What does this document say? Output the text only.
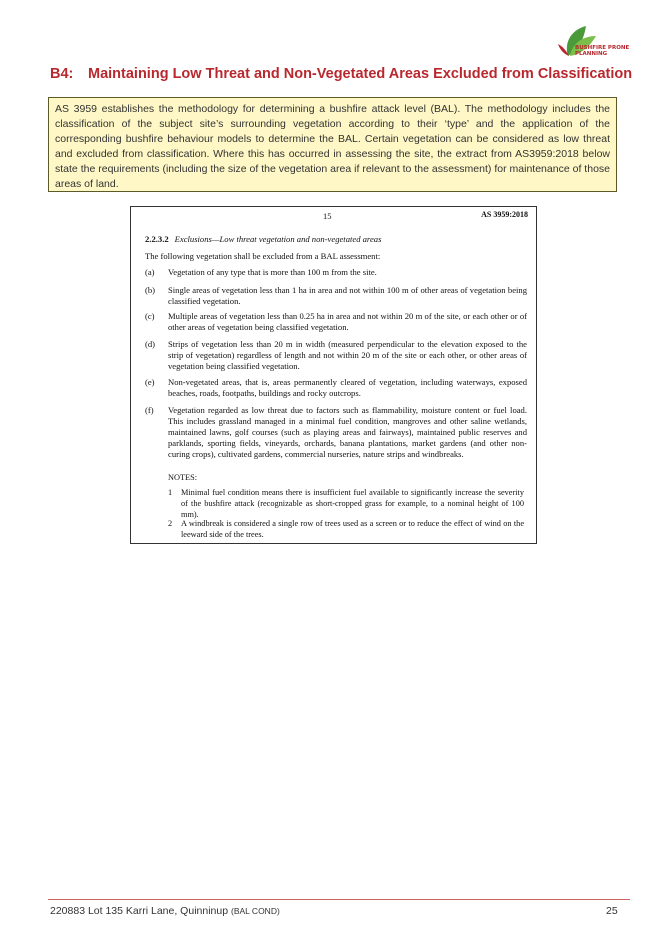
BUSHFIRE PRONE
PLANNING
B4: Maintaining Low Threat and Non-Vegetated Areas Excluded from Classification
AS 3959 establishes the methodology for determining a bushfire attack level (BAL). The methodology includes the classification of the subject site’s surrounding vegetation according to their ‘type’ and the application of the corresponding bushfire behaviour models to determine the BAL. Certain vegetation can be considered as low threat and excluded from classification. Where this has occurred in assessing the site, the extract from AS3959:2018 below state the requirements (including the size of the vegetation area if relevant to the assessment) for maintenance of those areas of land.
15	AS 3959:2018
2.2.3.2 Exclusions—Low threat vegetation and non-vegetated areas
The following vegetation shall be excluded from a BAL assessment:
(a) Vegetation of any type that is more than 100 m from the site.
(b) Single areas of vegetation less than 1 ha in area and not within 100 m of other areas of vegetation being classified vegetation.
(c) Multiple areas of vegetation less than 0.25 ha in area and not within 20 m of the site, or each other or of other areas of vegetation being classified vegetation.
(d) Strips of vegetation less than 20 m in width (measured perpendicular to the elevation exposed to the strip of vegetation) regardless of length and not within 20 m of the site or each other, or other areas of vegetation being classified vegetation.
(e) Non-vegetated areas, that is, areas permanently cleared of vegetation, including waterways, exposed beaches, roads, footpaths, buildings and rocky outcrops.
(f) Vegetation regarded as low threat due to factors such as flammability, moisture content or fuel load. This includes grassland managed in a minimal fuel condition, mangroves and other saline wetlands, maintained lawns, golf courses (such as playing areas and fairways), maintained public reserves and parklands, sporting fields, vineyards, orchards, banana plantations, market gardens (and other non-curing crops), cultivated gardens, commercial nurseries, nature strips and windbreaks.
NOTES:
1 Minimal fuel condition means there is insufficient fuel available to significantly increase the severity of the bushfire attack (recognizable as short-cropped grass for example, to a nominal height of 100 mm).
2 A windbreak is considered a single row of trees used as a screen or to reduce the effect of wind on the leeward side of the trees.
220883 Lot 135 Karri Lane, Quinninup (BAL COND)	25
